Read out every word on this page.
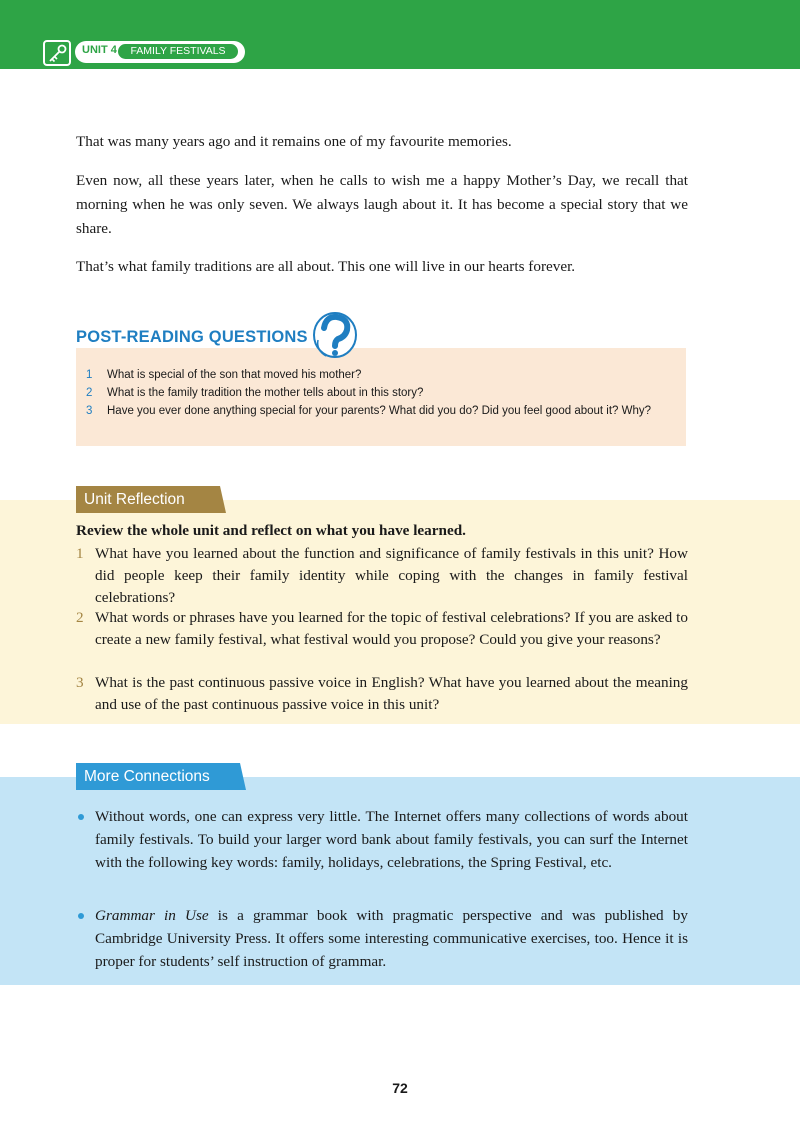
UNIT 4	FAMILY FESTIVALS

That was many years ago and it remains one of my favourite memories.

Even now, all these years later, when he calls to wish me a happy Mother’s Day, we recall that morning when he was only seven. We always laugh about it. It has become a special story that we share.

That’s what family traditions are all about. This one will live in our hearts forever.

1 What is special of the son that moved his mother?
2 What is the family tradition the mother tells about in this story?
3 Have you ever done anything special for your parents? What did you do? Did you feel good about it? Why?
POST-READING QUESTIONS
Unit Reflection
Review the whole unit and reflect on what you have learned.
1 What have you learned about the function and significance of family festivals in this unit? How did people keep their family identity while coping with the changes in family festival celebrations?
2 What words or phrases have you learned for the topic of festival celebrations? If you are asked to create a new family festival, what festival would you propose? Could you give your reasons?
3 What is the past continuous passive voice in English? What have you learned about the meaning and use of the past continuous passive voice in this unit?
More Connections
Without words, one can express very little. The Internet offers many collections of words about family festivals. To build your larger word bank about family festivals, you can surf the Internet with the following key words: family, holidays, celebrations, the Spring Festival, etc.
Grammar in Use is a grammar book with pragmatic perspective and was published by Cambridge University Press. It offers some interesting communicative exercises, too. Hence it is proper for students’ self instruction of grammar.
72
